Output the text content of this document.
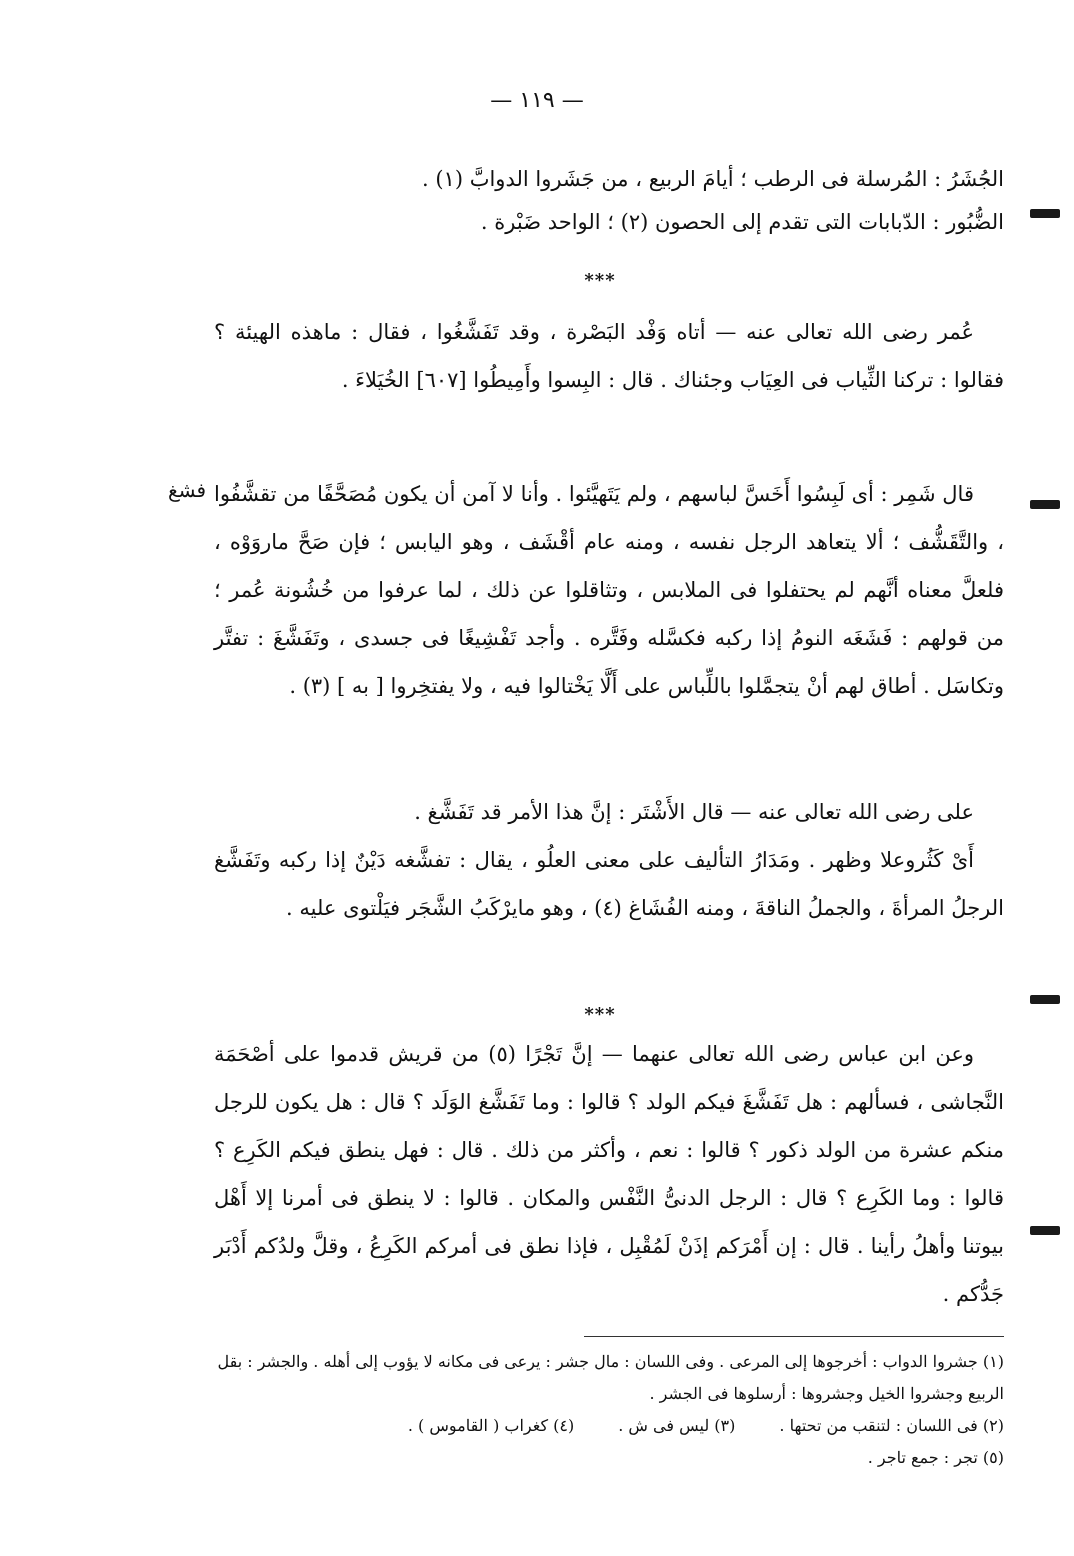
— ١١٩ —

الجُشَرُ : المُرسلة فى الرطب ؛ أيامَ الربيع ، من جَشَروا الدوابَّ (١) .

الضُّبُور : الدّبابات التى تقدم إلى الحصون (٢) ؛ الواحد ضَبْرة .

***

عُمر رضى الله تعالى عنه — أتاه وَفْد البَصْرة ، وقد تَفَشَّغُوا ، فقال : ماهذه الهيئة ؟ فقالوا : تركنا الثِّياب فى العِيَاب وجئناك . قال : البِسوا وأَمِيطُوا [٦٠٧] الخُيَلاءَ .

فشغ قال شَمِر : أى لَبِسُوا أَخَسَّ لباسهم ، ولم يَتَهيَّئوا . وأنا لا آمن أن يكون مُصَحَّفًا من تقشَّفُوا ، والتَّقَشُّف ؛ ألا يتعاهد الرجل نفسه ، ومنه عام أقْشَف ، وهو اليابس ؛ فإن صَحَّ ماروَوْه ، فلعلَّ معناه أنَّهم لم يحتفلوا فى الملابس ، وتثاقلوا عن ذلك ، لما عرفوا من خُشُونة عُمر ؛ من قولهم : فَشَغَه النومُ إذا ركبه فكسَّله وفَتَّره . وأجد تَفْشِيغًا فى جسدى ، وتَفَشَّغَ : تفتَّر وتكاسَل . أطاق لهم أنْ يتجمَّلوا باللِّباس على أَلَّا يَخْتالوا فيه ، ولا يفتخِروا [ به ] (٣) .

على رضى الله تعالى عنه — قال الأَشْتَر : إنَّ هذا الأمر قد تَفَشَّغ .

أَىْ كَثُروعلا وظهر . ومَدَارُ التأليف على معنى العلُو ، يقال : تفشَّغه دَيْنٌ إذا ركبه وتَفَشَّغ الرجلُ المرأةَ ، والجملُ الناقةَ ، ومنه الفُشَاغ (٤) ، وهو مايرْكَبُ الشَّجَر فيَلْتوى عليه .

***

وعن ابن عباس رضى الله تعالى عنهما — إنَّ تَجْرًا (٥) من قريش قدموا على أصْحَمَة النَّجاشى ، فسألهم : هل تَفَشَّغَ فيكم الولد ؟ قالوا : وما تَفَشَّغ الوَلَد ؟ قال : هل يكون للرجل منكم عشرة من الولد ذكور ؟ قالوا : نعم ، وأكثر من ذلك . قال : فهل ينطق فيكم الكَرِع ؟ قالوا : وما الكَرِع ؟ قال : الرجل الدنىُّ النَّفْس والمكان . قالوا : لا ينطق فى أمرنا إلا أَهْل بيوتنا وأهلُ رأينا . قال : إن أَمْرَكم إذَنْ لَمُقْبِل ، فإذا نطق فى أمركم الكَرِعُ ، وقلَّ ولدُكم أَدْبَر جَدُّكم .

(١) جشروا الدواب : أخرجوها إلى المرعى . وفى اللسان : مال جشر : يرعى فى مكانه لا يؤوب إلى أهله . والجشر : بقل الربيع وجشروا الخيل وجشروها : أرسلوها فى الجشر .

(٢) فى اللسان : لتنقب من تحتها .
(٣) ليس فى ش .
(٤) كغراب ( القاموس ) .

(٥) تجر : جمع تاجر .
